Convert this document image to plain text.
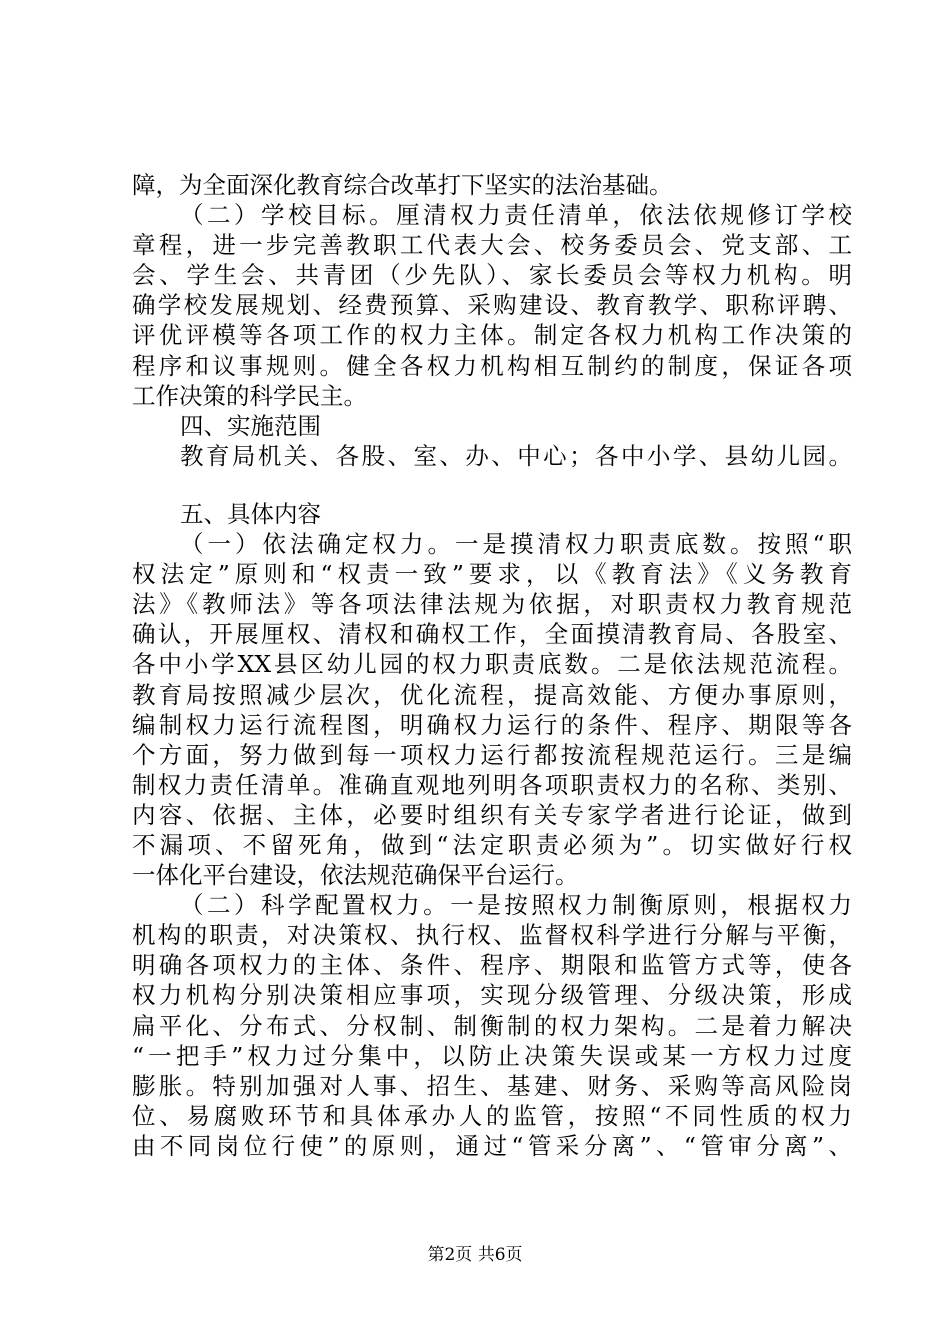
障，为全面深化教育综合改革打下坚实的法治基础。
（二）学校目标。厘清权力责任清单，依法依规修订学校
章程，进一步完善教职工代表大会、校务委员会、党支部、工
会、学生会、共青团（少先队）、家长委员会等权力机构。明
确学校发展规划、经费预算、采购建设、教育教学、职称评聘、
评优评模等各项工作的权力主体。制定各权力机构工作决策的
程序和议事规则。健全各权力机构相互制约的制度，保证各项
工作决策的科学民主。
四、实施范围
教育局机关、各股、室、办、中心；各中小学、县幼儿园。
五、具体内容
（一）依法确定权力。一是摸清权力职责底数。按照“职
权法定”原则和“权责一致”要求，以《教育法》《义务教育
法》《教师法》等各项法律法规为依据，对职责权力教育规范
确认，开展厘权、清权和确权工作，全面摸清教育局、各股室、
各中小学XX县区幼儿园的权力职责底数。二是依法规范流程。
教育局按照减少层次，优化流程，提高效能、方便办事原则，
编制权力运行流程图，明确权力运行的条件、程序、期限等各
个方面，努力做到每一项权力运行都按流程规范运行。三是编
制权力责任清单。准确直观地列明各项职责权力的名称、类别、
内容、依据、主体，必要时组织有关专家学者进行论证，做到
不漏项、不留死角，做到“法定职责必须为”。切实做好行权
一体化平台建设，依法规范确保平台运行。
（二）科学配置权力。一是按照权力制衡原则，根据权力
机构的职责，对决策权、执行权、监督权科学进行分解与平衡，
明确各项权力的主体、条件、程序、期限和监管方式等，使各
权力机构分别决策相应事项，实现分级管理、分级决策，形成
扁平化、分布式、分权制、制衡制的权力架构。二是着力解决
“一把手”权力过分集中，以防止决策失误或某一方权力过度
膨胀。特别加强对人事、招生、基建、财务、采购等高风险岗
位、易腐败环节和具体承办人的监管，按照“不同性质的权力
由不同岗位行使”的原则，通过“管采分离”、“管审分离”、
第2页 共6页
